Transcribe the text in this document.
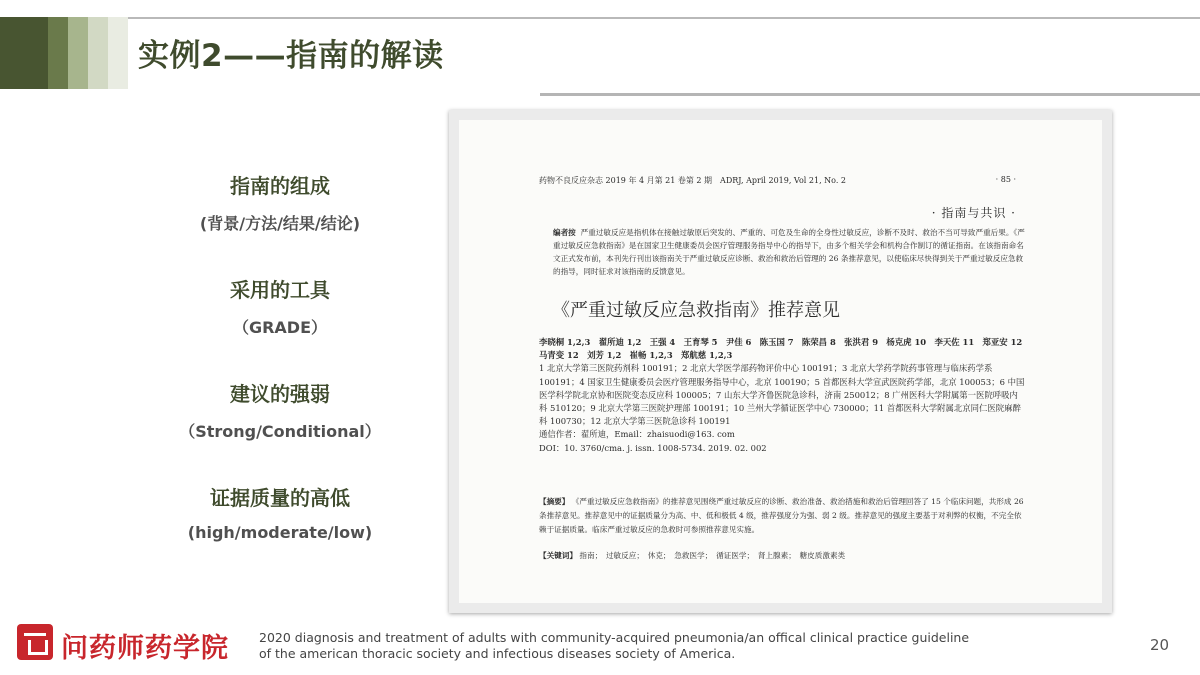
实例2——指南的解读
指南的组成
(背景/方法/结果/结论)
采用的工具
（GRADE）
建议的强弱
（Strong/Conditional）
证据质量的高低
(high/moderate/low)
药物不良反应杂志 2019 年 4 月第 21 卷第 2 期　ADRJ, April 2019, Vol 21, No. 2	· 85 ·
· 指南与共识 ·
编者按 严重过敏反应是指机体在接触过敏原后突发的、严重的、可危及生命的全身性过敏反应，诊断不及时、救治不当可导致严重后果。《严重过敏反应急救指南》是在国家卫生健康委员会医疗管理服务指导中心的指导下，由多个相关学会和机构合作制订的循证指南。在该指南命名文正式发布前，本刊先行刊出该指南关于严重过敏反应诊断、救治和救治后管理的 26 条推荐意见，以使临床尽快得到关于严重过敏反应急救的指导，同时征求对该指南的反馈意见。
《严重过敏反应急救指南》推荐意见
李晓桐 1,2,3　翟所迪 1,2　王强 4　王育琴 5　尹佳 6　陈玉国 7　陈荣昌 8　张洪君 9　杨克虎 10　李天佐 11　郑亚安 12　马青变 12　刘芳 1,2　崔畅 1,2,3　郑航慈 1,2,3
1 北京大学第三医院药剂科 100191；2 北京大学医学部药物评价中心 100191；3 北京大学药学院药事管理与临床药学系 100191；4 国家卫生健康委员会医疗管理服务指导中心，北京 100190；5 首都医科大学宣武医院药学部，北京 100053；6 中国医学科学院北京协和医院变态反应科 100005；7 山东大学齐鲁医院急诊科，济南 250012；8 广州医科大学附属第一医院呼吸内科 510120；9 北京大学第三医院护理部 100191；10 兰州大学循证医学中心 730000；11 首都医科大学附属北京同仁医院麻醉科 100730；12 北京大学第三医院急诊科 100191
通信作者：翟所迪，Email：zhaisuodi@163. com
DOI：10. 3760/cma. j. issn. 1008-5734. 2019. 02. 002
【摘要】 《严重过敏反应急救指南》的推荐意见围绕严重过敏反应的诊断、救治准备、救治措施和救治后管理回答了 15 个临床问题，共形成 26 条推荐意见。推荐意见中的证据质量分为高、中、低和极低 4 级，推荐强度分为强、弱 2 级。推荐意见的强度主要基于对利弊的权衡，不完全依赖于证据质量。临床严重过敏反应的急救时可参照推荐意见实施。
【关键词】 指南；　过敏反应；　休克；　急救医学；　循证医学；　肾上腺素；　糖皮质激素类
问药师药学院 2020 diagnosis and treatment of adults with community-acquired pneumonia/an offical clinical practice guideline
of the american thoracic society and infectious diseases society of America.	20
